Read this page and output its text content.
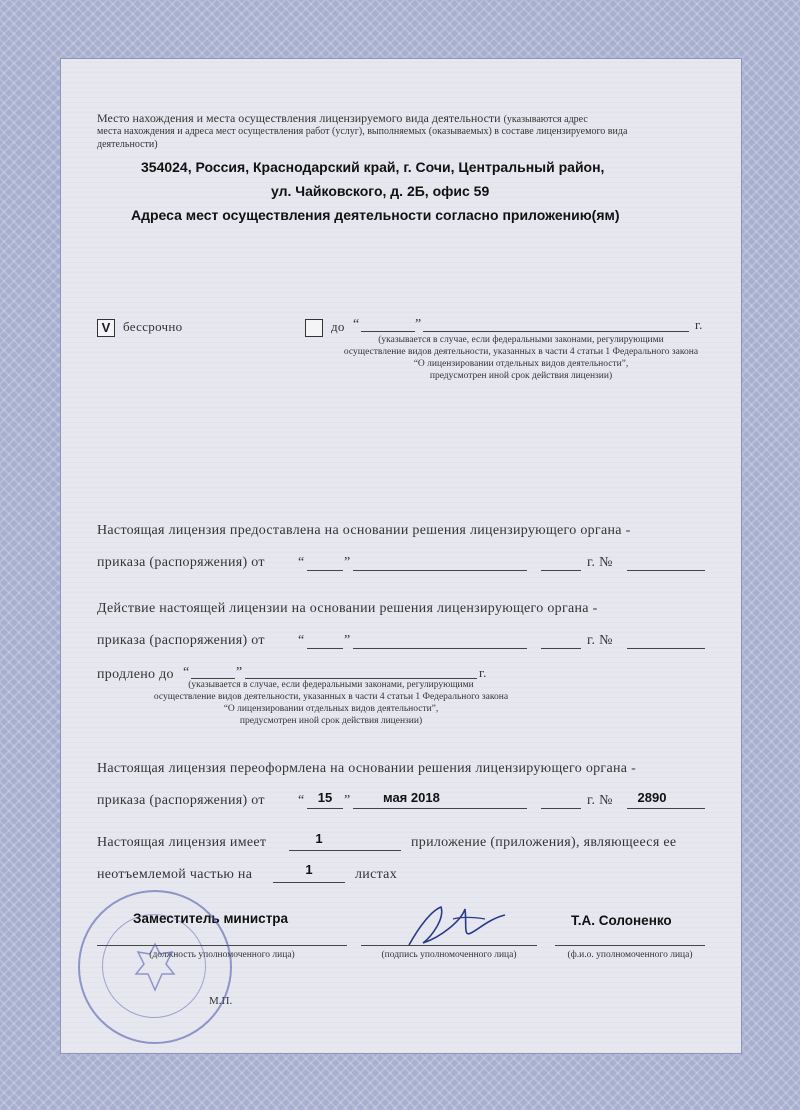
Место нахождения и места осуществления лицензируемого вида деятельности (указываются адрес
места нахождения и адреса мест осуществления работ (услуг), выполняемых (оказываемых) в составе лицензируемого вида
деятельности)
354024, Россия, Краснодарский край, г. Сочи, Центральный район,
ул. Чайковского, д. 2Б, офис 59
Адреса мест осуществления деятельности согласно приложению(ям)
V бессрочно	до “	”	г.
(указывается в случае, если федеральными законами, регулирующими
осуществление видов деятельности, указанных в части 4 статьи 1 Федерального закона
“О лицензировании отдельных видов деятельности”,
предусмотрен иной срок действия лицензии)
Настоящая лицензия предоставлена на основании решения лицензирующего органа -
приказа (распоряжения) от “	”	г. №
Действие настоящей лицензии на основании решения лицензирующего органа -
приказа (распоряжения) от “	”	г. №
продлено до “	”	г.
(указывается в случае, если федеральными законами, регулирующими
осуществление видов деятельности, указанных в части 4 статьи 1 Федерального закона
“О лицензировании отдельных видов деятельности”,
предусмотрен иной срок действия лицензии)
Настоящая лицензия переоформлена на основании решения лицензирующего органа -
приказа (распоряжения) от “	15 ”	мая 2018	г. №	2890
Настоящая лицензия имеет	1	приложение (приложения), являющееся ее
неотъемлемой частью на	1	листах
Заместитель министра
(должность уполномоченного лица)	(подпись уполномоченного лица)
Т.А. Солоненко
(ф.и.о. уполномоченного лица)
М.П.
